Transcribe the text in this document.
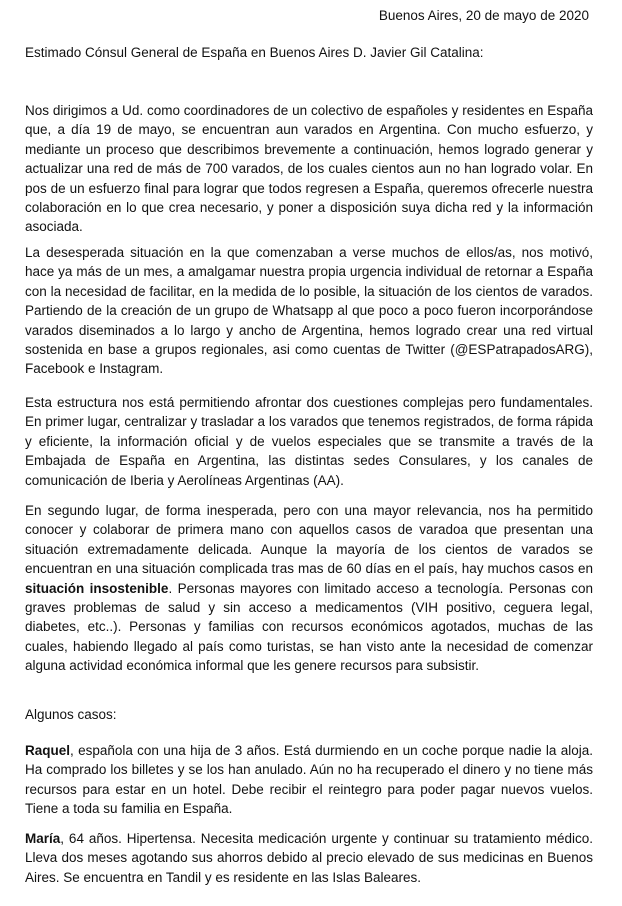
Buenos Aires, 20 de mayo de 2020
Estimado Cónsul General de España en Buenos Aires D. Javier Gil Catalina:

Nos dirigimos a Ud. como coordinadores de un colectivo de españoles y residentes en España que, a día 19 de mayo, se encuentran aun varados en Argentina. Con mucho esfuerzo, y mediante un proceso que describimos brevemente a continuación, hemos logrado generar y actualizar una red de más de 700 varados, de los cuales cientos aun no han logrado volar. En pos de un esfuerzo final para lograr que todos regresen a España, queremos ofrecerle nuestra colaboración en lo que crea necesario, y poner a disposición suya dicha red y la información asociada.

La desesperada situación en la que comenzaban a verse muchos de ellos/as, nos motivó, hace ya más de un mes, a amalgamar nuestra propia urgencia individual de retornar a España con la necesidad de facilitar, en la medida de lo posible, la situación de los cientos de varados. Partiendo de la creación de un grupo de Whatsapp al que poco a poco fueron incorporándose varados diseminados a lo largo y ancho de Argentina, hemos logrado crear una red virtual sostenida en base a grupos regionales, asi como cuentas de Twitter (@ESPatrapadosARG), Facebook e Instagram.

Esta estructura nos está permitiendo afrontar dos cuestiones complejas pero fundamentales. En primer lugar, centralizar y trasladar a los varados que tenemos registrados, de forma rápida y eficiente, la información oficial y de vuelos especiales que se transmite a través de la Embajada de España en Argentina, las distintas sedes Consulares, y los canales de comunicación de Iberia y Aerolíneas Argentinas (AA).

En segundo lugar, de forma inesperada, pero con una mayor relevancia, nos ha permitido conocer y colaborar de primera mano con aquellos casos de varadoa que presentan una situación extremadamente delicada. Aunque la mayoría de los cientos de varados se encuentran en una situación complicada tras mas de 60 días en el país, hay muchos casos en situación insostenible. Personas mayores con limitado acceso a tecnología. Personas con graves problemas de salud y sin acceso a medicamentos (VIH positivo, ceguera legal, diabetes, etc..). Personas y familias con recursos económicos agotados, muchas de las cuales, habiendo llegado al país como turistas, se han visto ante la necesidad de comenzar alguna actividad económica informal que les genere recursos para subsistir.

Algunos casos:

Raquel, española con una hija de 3 años. Está durmiendo en un coche porque nadie la aloja. Ha comprado los billetes y se los han anulado. Aún no ha recuperado el dinero y no tiene más recursos para estar en un hotel. Debe recibir el reintegro para poder pagar nuevos vuelos. Tiene a toda su familia en España.

María, 64 años. Hipertensa. Necesita medicación urgente y continuar su tratamiento médico. Lleva dos meses agotando sus ahorros debido al precio elevado de sus medicinas en Buenos Aires. Se encuentra en Tandil y es residente en las Islas Baleares.
